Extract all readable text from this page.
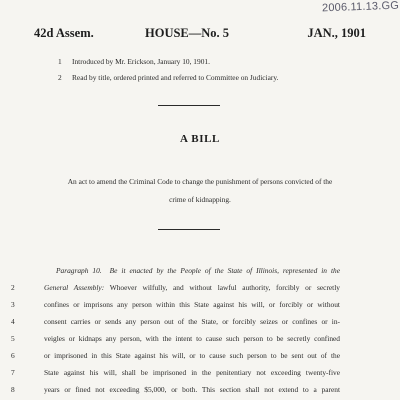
2006.11.13.GG
42d Assem.	HOUSE—No. 5	JAN., 1901
1 Introduced by Mr. Erickson, January 10, 1901.
2 Read by title, ordered printed and referred to Committee on Judiciary.
A BILL
An act to amend the Criminal Code to change the punishment of persons convicted of the
crime of kidnapping.
Paragraph 10. Be it enacted by the People of the State of Illinois, represented in the
2	General Assembly: Whoever wilfully, and without lawful authority, forcibly or secretly
3	confines or imprisons any person within this State against his will, or forcibly or without
4	consent carries or sends any person out of the State, or forcibly seizes or confines or in-
5	veigles or kidnaps any person, with the intent to cause such person to be secretly confined
6	or imprisoned in this State against his will, or to cause such person to be sent out of the
7	State against his will, shall be imprisoned in the penitentiary not exceeding twenty-five
8	years or fined not exceeding $5,000, or both. This section shall not extend to a parent
